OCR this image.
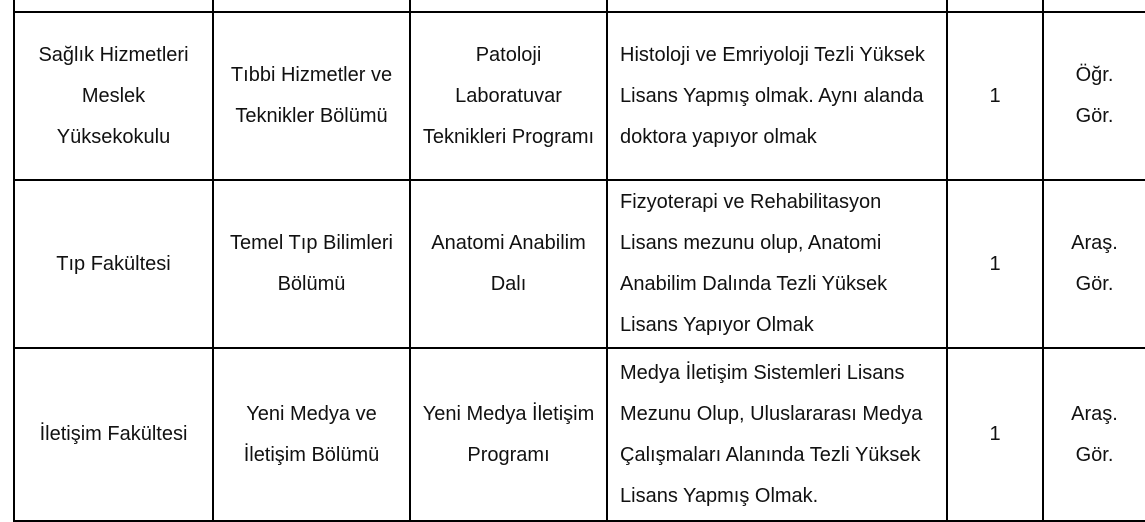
Sağlık Hizmetleri Meslek Yüksekokulu	Tıbbi Hizmetler ve Teknikler Bölümü	Patoloji Laboratuvar Teknikleri Programı	Histoloji ve Emriyoloji Tezli Yüksek Lisans Yapmış olmak. Aynı alanda doktora yapıyor olmak	1	Öğr. Gör.
Tıp Fakültesi	Temel Tıp Bilimleri Bölümü	Anatomi Anabilim Dalı	Fizyoterapi ve Rehabilitasyon Lisans mezunu olup, Anatomi Anabilim Dalında Tezli Yüksek Lisans Yapıyor Olmak	1	Araş. Gör.
İletişim Fakültesi	Yeni Medya ve İletişim Bölümü	Yeni Medya İletişim Programı	Medya İletişim Sistemleri Lisans Mezunu Olup, Uluslararası Medya Çalışmaları Alanında Tezli Yüksek Lisans Yapmış Olmak.	1	Araş. Gör.
